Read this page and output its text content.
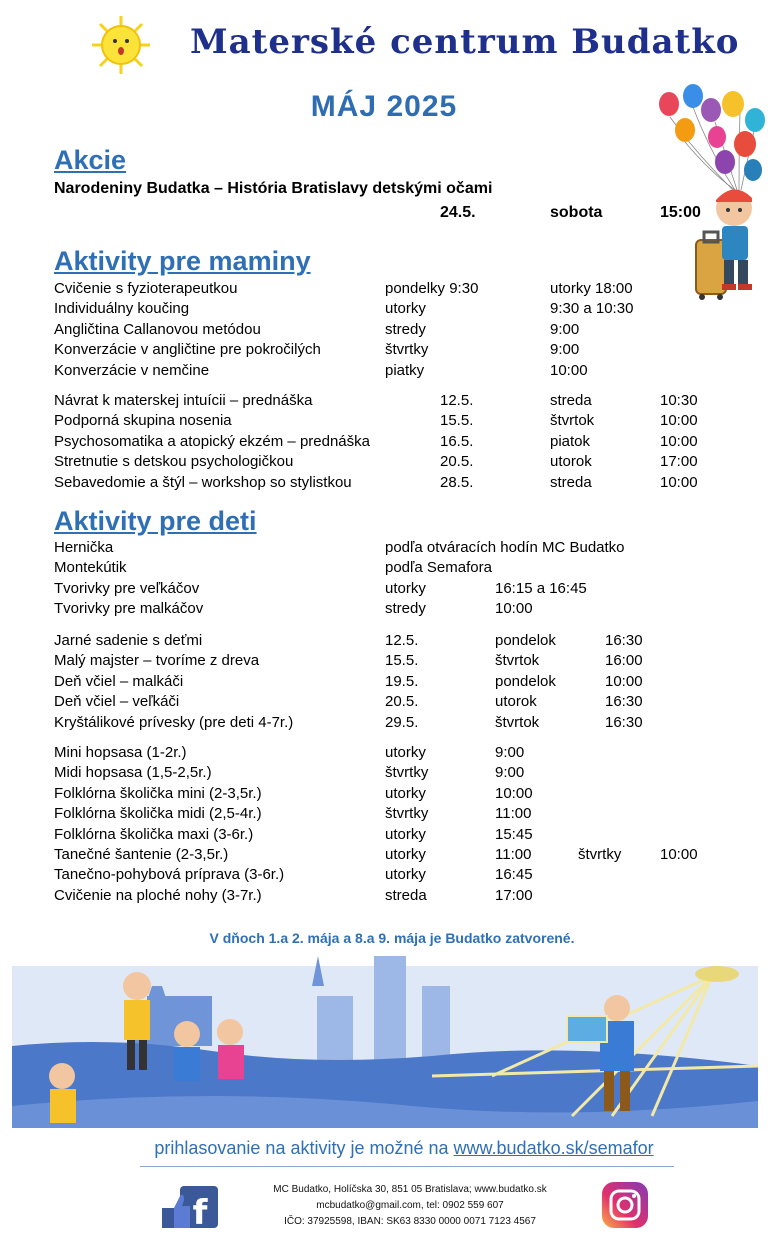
Materské centrum Budatko
MÁJ 2025
Akcie
Narodeniny Budatka – História Bratislavy detskými očami
24.5.	sobota	15:00
Aktivity pre maminy
Cvičenie s fyzioterapeutkou	pondelky 9:30	utorky 18:00
Individuálny koučing	utorky	9:30 a 10:30
Angličtina Callanovou metódou	stredy	9:00
Konverzácie v angličtine pre pokročilých	štvrtky	9:00
Konverzácie v nemčine	piatky	10:00
Návrat k materskej intuícii – prednáška	12.5.	streda	10:30
Podporná skupina nosenia	15.5.	štvrtok	10:00
Psychosomatika a atopický ekzém – prednáška	16.5.	piatok	10:00
Stretnutie s detskou psychologičkou	20.5.	utorok	17:00
Sebavedomie a štýl – workshop so stylistkou	28.5.	streda	10:00
Aktivity pre deti
Hernička	podľa otváracích hodín MC Budatko
Montekútik	podľa Semafora
Tvorivky pre veľkáčov	utorky	16:15 a 16:45
Tvorivky pre malkáčov	stredy	10:00
Jarné sadenie s deťmi	12.5.	pondelok	16:30
Malý majster – tvoríme z dreva	15.5.	štvrtok	16:00
Deň včiel – malkáči	19.5.	pondelok	10:00
Deň včiel – veľkáči	20.5.	utorok	16:30
Kryštálikové prívesky (pre deti 4-7r.)	29.5.	štvrtok	16:30
Mini hopsasa (1-2r.)	utorky	9:00
Midi hopsasa (1,5-2,5r.)	štvrtky	9:00
Folklórna školička mini (2-3,5r.)	utorky	10:00
Folklórna školička midi (2,5-4r.)	štvrtky	11:00
Folklórna školička maxi (3-6r.)	utorky	15:45
Tanečné šantenie (2-3,5r.)	utorky	11:00	štvrtky	10:00
Tanečno-pohybová príprava (3-6r.)	utorky	16:45
Cvičenie na ploché nohy (3-7r.)	streda	17:00
V dňoch 1.a 2. mája a 8.a 9. mája je Budatko zatvorené.
prihlasovanie na aktivity je možné na www.budatko.sk/semafor
f
MC Budatko, Holíčska 30, 851 05 Bratislava; www.budatko.sk
mcbudatko@gmail.com, tel: 0902 559 607
IČO: 37925598, IBAN: SK63 8330 0000 0071 7123 4567
